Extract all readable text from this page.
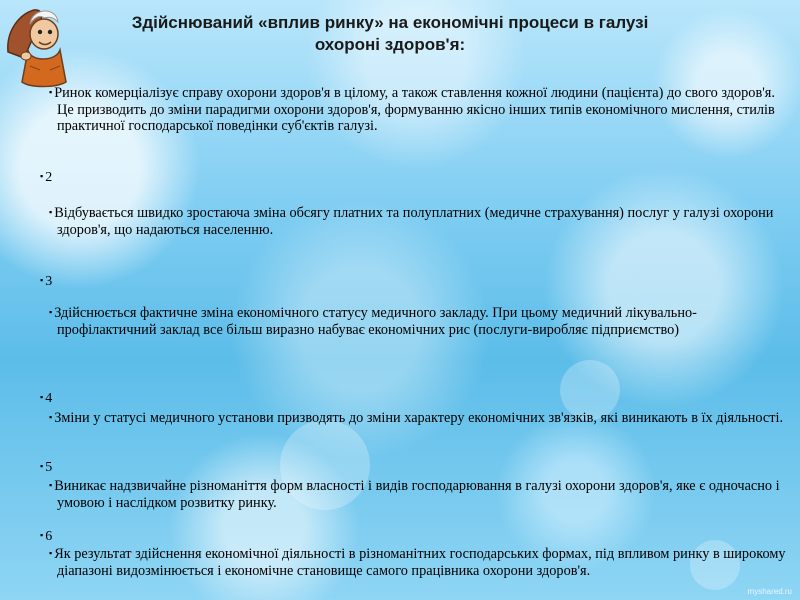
Здійснюваний «вплив ринку» на економічні процеси в галузі
охороні здоров'я:
▪ Ринок комерціалізує справу охорони здоров'я в цілому, а також ставлення кожної людини (пацієнта) до свого здоров'я. Це призводить до зміни парадигми охорони здоров'я, формуванню якісно інших типів економічного мислення, стилів практичної господарської поведінки суб'єктів галузі.
▪ 2
▪ Відбувається швидко зростаюча зміна обсягу платних та полуплатних (медичне страхування) послуг у галузі охорони здоров'я, що надаються населенню.
▪ 3
▪ Здійснюється фактичне зміна економічного статусу медичного закладу. При цьому медичний лікувально-профілактичний заклад все більш виразно набуває економічних рис (послуги-виробляє підприємство)
▪ 4
▪ Зміни у статусі медичного установи призводять до зміни характеру економічних зв'язків, які виникають в їх діяльності.
▪ 5
▪ Виникає надзвичайне різноманіття форм власності і видів господарювання в галузі охорони здоров'я, яке є одночасно і умовою і наслідком розвитку ринку.
▪ 6
▪ Як результат здійснення економічної діяльності в різноманітних господарських формах, під впливом ринку в широкому діапазоні видозмінюється і економічне становище самого працівника охорони здоров'я.
myshared.ru
